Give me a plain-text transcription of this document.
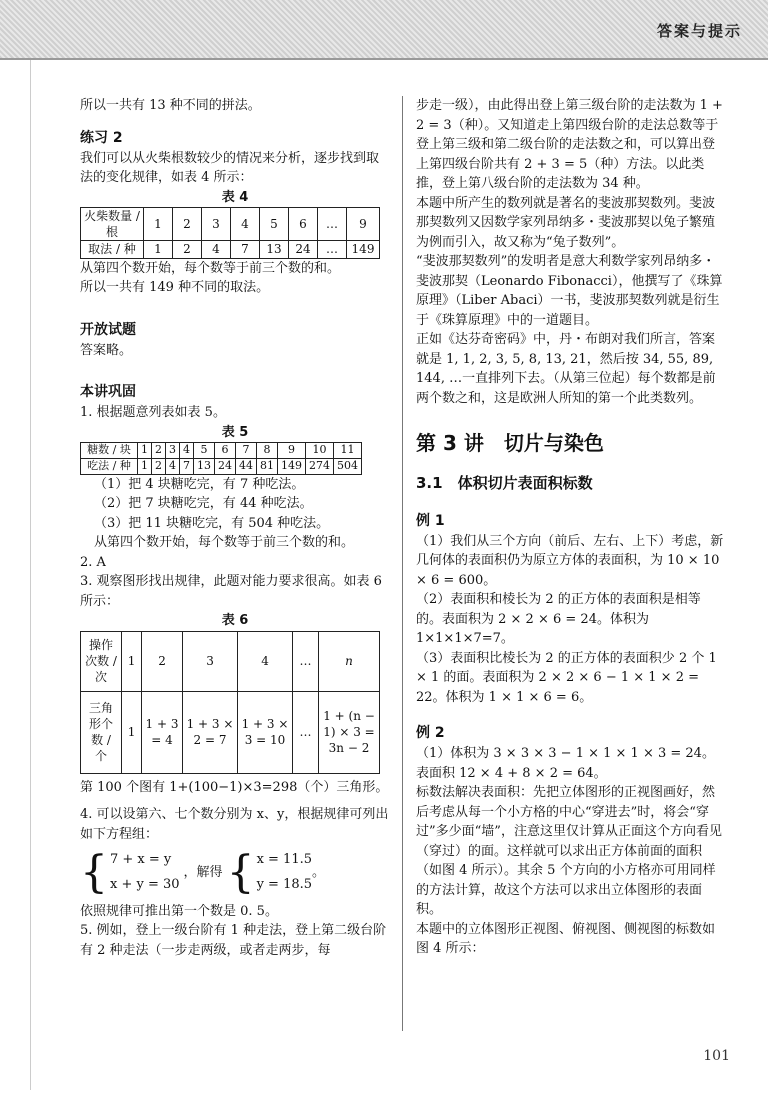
答案与提示

所以一共有 13 种不同的拼法。

练习 2

我们可以从火柴根数较少的情况来分析，逐步找到取法的变化规律，如表 4 所示：

表 4

火柴数量 / 根	1	2	3	4	5	6	…	9
取法 / 种	1	2	4	7	13	24	…	149

从第四个数开始，每个数等于前三个数的和。

所以一共有 149 种不同的取法。

开放试题

答案略。

本讲巩固

1. 根据题意列表如表 5。

表 5

糖数 / 块	1	2	3	4	5	6	7	8	9	10	11
吃法 / 种	1	2	4	7	13	24	44	81	149	274	504

（1）把 4 块糖吃完，有 7 种吃法。

（2）把 7 块糖吃完，有 44 种吃法。

（3）把 11 块糖吃完，有 504 种吃法。

从第四个数开始，每个数等于前三个数的和。

2. A

3. 观察图形找出规律，此题对能力要求很高。如表 6 所示：

表 6

操作次数 / 次	1	2	3	4	…	n
三角形个数 / 个	1	1 + 3 = 4	1 + 3 × 2 = 7	1 + 3 × 3 = 10	…	1 + (n − 1) × 3 = 3n − 2

第 100 个图有 1+(100−1)×3=298（个）三角形。

4. 可以设第六、七个数分别为 x、y，根据规律可列出如下方程组：

{ 7 + x = y
x + y = 30
，解得 { x = 11.5
y = 18.5
。

依照规律可推出第一个数是 0. 5。

5. 例如，登上一级台阶有 1 种走法，登上第二级台阶有 2 种走法（一步走两级，或者走两步，每

步走一级），由此得出登上第三级台阶的走法数为 1 + 2 = 3（种）。又知道走上第四级台阶的走法总数等于登上第三级和第二级台阶的走法数之和，可以算出登上第四级台阶共有 2 + 3 = 5（种）方法。以此类推，登上第八级台阶的走法数为 34 种。

本题中所产生的数列就是著名的斐波那契数列。斐波那契数列又因数学家列昂纳多・斐波那契以兔子繁殖为例而引入，故又称为“兔子数列”。

“斐波那契数列”的发明者是意大利数学家列昂纳多・斐波那契（Leonardo Fibonacci），他撰写了《珠算原理》（Liber Abaci）一书，斐波那契数列就是衍生于《珠算原理》中的一道题目。

正如《达芬奇密码》中，丹・布朗对我们所言，答案就是 1, 1, 2, 3, 5, 8, 13, 21，然后按 34, 55, 89, 144, …一直排列下去。（从第三位起）每个数都是前两个数之和，这是欧洲人所知的第一个此类数列。

第 3 讲　切片与染色

3.1　体积切片表面积标数

例 1

（1）我们从三个方向（前后、左右、上下）考虑，新几何体的表面积仍为原立方体的表面积，为 10 × 10 × 6 = 600。

（2）表面积和棱长为 2 的正方体的表面积是相等的。表面积为 2 × 2 × 6 = 24。体积为 1×1×1×7=7。

（3）表面积比棱长为 2 的正方体的表面积少 2 个 1 × 1 的面。表面积为 2 × 2 × 6 − 1 × 1 × 2 = 22。体积为 1 × 1 × 6 = 6。

例 2

（1）体积为 3 × 3 × 3 − 1 × 1 × 1 × 3 = 24。表面积 12 × 4 + 8 × 2 = 64。

标数法解决表面积：先把立体图形的正视图画好，然后考虑从每一个小方格的中心“穿进去”时，将会“穿过”多少面“墙”，注意这里仅计算从正面这个方向看见（穿过）的面。这样就可以求出正方体前面的面积（如图 4 所示）。其余 5 个方向的小方格亦可用同样的方法计算，故这个方法可以求出立体图形的表面积。

本题中的立体图形正视图、俯视图、侧视图的标数如图 4 所示：

101
